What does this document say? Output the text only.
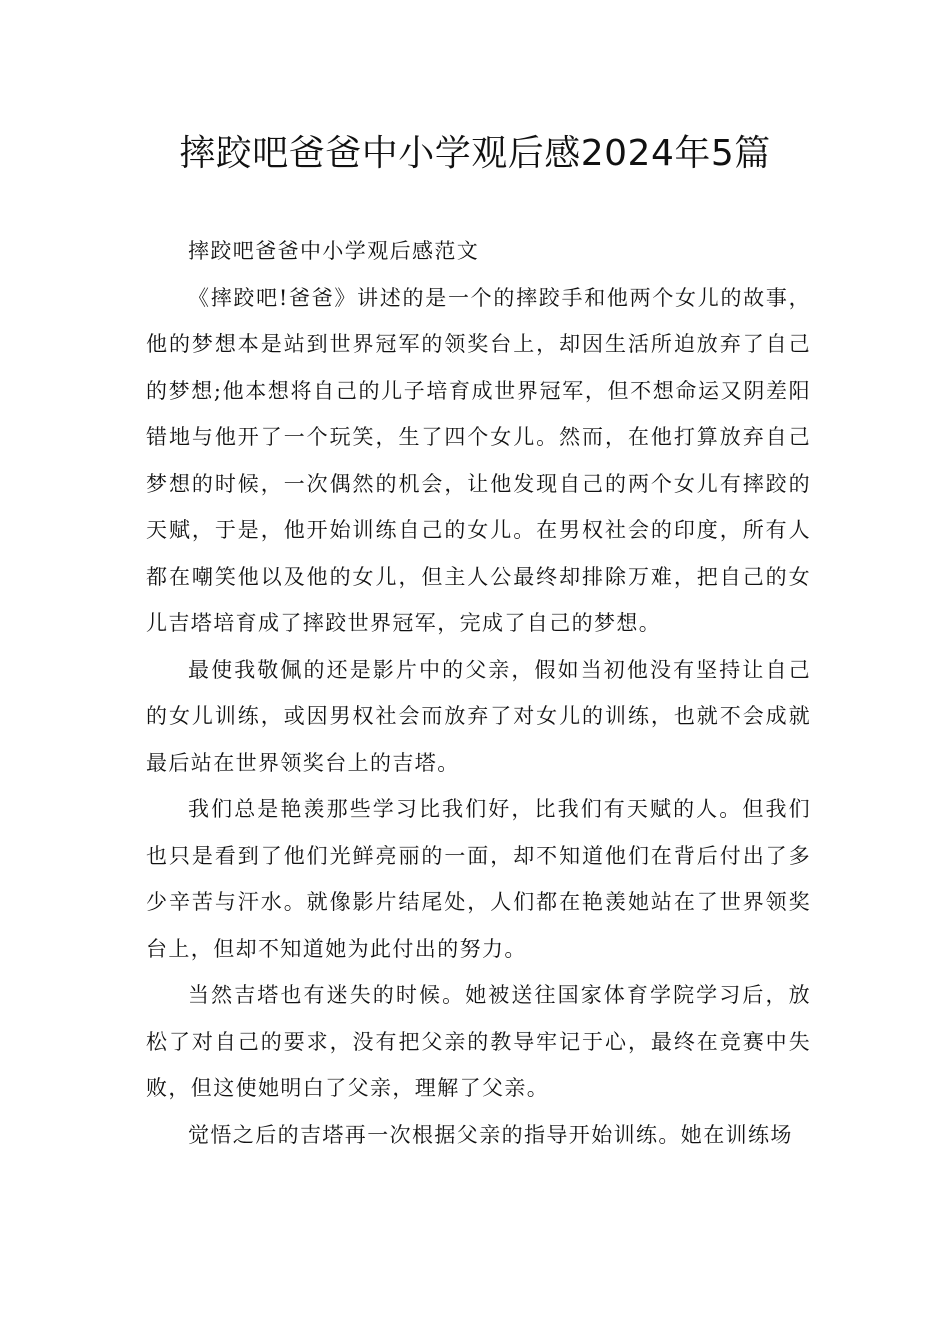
摔跤吧爸爸中小学观后感2024年5篇

摔跤吧爸爸中小学观后感范文

《摔跤吧!爸爸》讲述的是一个的摔跤手和他两个女儿的故事，他的梦想本是站到世界冠军的领奖台上，却因生活所迫放弃了自己的梦想;他本想将自己的儿子培育成世界冠军，但不想命运又阴差阳错地与他开了一个玩笑，生了四个女儿。然而，在他打算放弃自己梦想的时候，一次偶然的机会，让他发现自己的两个女儿有摔跤的天赋，于是，他开始训练自己的女儿。在男权社会的印度，所有人都在嘲笑他以及他的女儿，但主人公最终却排除万难，把自己的女儿吉塔培育成了摔跤世界冠军，完成了自己的梦想。

最使我敬佩的还是影片中的父亲，假如当初他没有坚持让自己的女儿训练，或因男权社会而放弃了对女儿的训练，也就不会成就最后站在世界领奖台上的吉塔。

我们总是艳羡那些学习比我们好，比我们有天赋的人。但我们也只是看到了他们光鲜亮丽的一面，却不知道他们在背后付出了多少辛苦与汗水。就像影片结尾处，人们都在艳羡她站在了世界领奖台上，但却不知道她为此付出的努力。

当然吉塔也有迷失的时候。她被送往国家体育学院学习后，放松了对自己的要求，没有把父亲的教导牢记于心，最终在竞赛中失败，但这使她明白了父亲，理解了父亲。

觉悟之后的吉塔再一次根据父亲的指导开始训练。她在训练场
